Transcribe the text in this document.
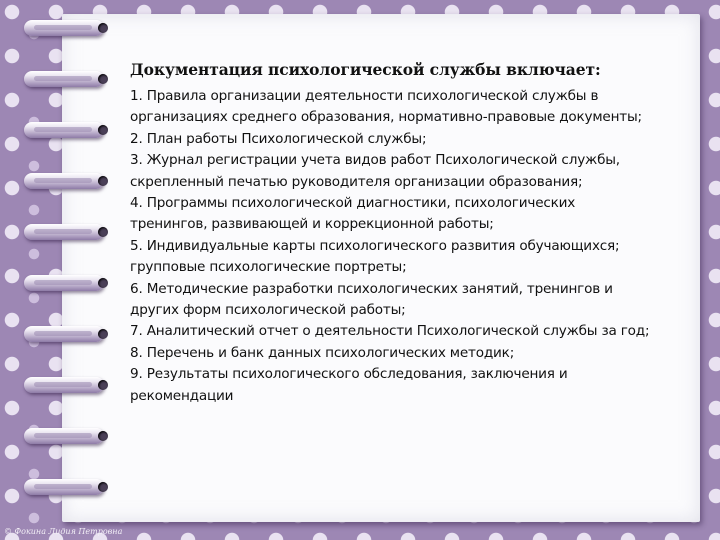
Документация психологической службы включает:

1. Правила организации деятельности психологической службы в организациях среднего образования, нормативно-правовые документы;

2. План работы Психологической службы;

3. Журнал регистрации учета видов работ Психологической службы, скрепленный печатью руководителя организации образования;

4. Программы психологической диагностики, психологических тренингов, развивающей и коррекционной работы;

5. Индивидуальные карты психологического развития обучающихся; групповые психологические портреты;

6. Методические разработки психологических занятий, тренингов и других форм психологической работы;

7. Аналитический отчет о деятельности Психологической службы за год;

8. Перечень и банк данных психологических методик;

9. Результаты психологического обследования, заключения и рекомендации

© Фокина Лидия Петровна
